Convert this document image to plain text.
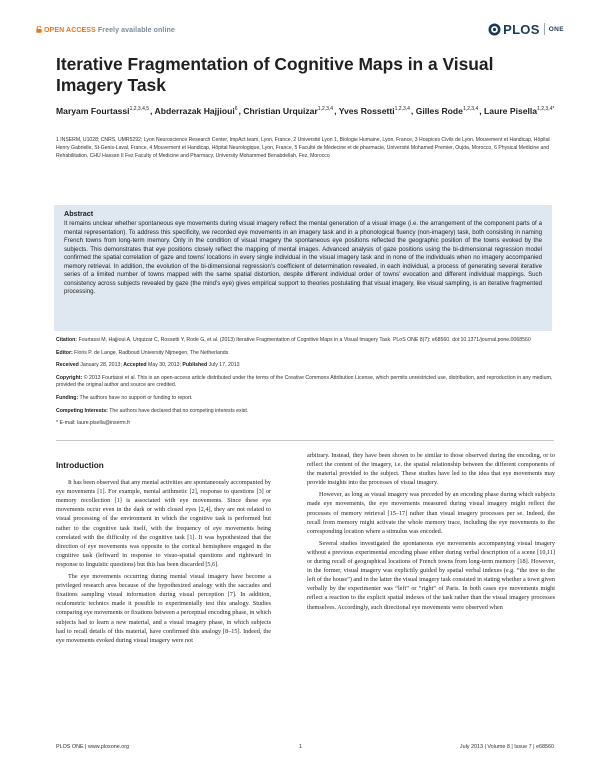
OPEN ACCESS Freely available online	PLOS ONE
Iterative Fragmentation of Cognitive Maps in a Visual Imagery Task
Maryam Fourtassi$^{1,2,3,4,5}$, Abderrazak Hajjioui$^6$, Christian Urquizar$^{1,2,3,4}$, Yves Rossetti$^{1,2,3,4}$, Gilles Rode$^{1,2,3,4}$, Laure Pisella$^{1,2,3,4*}$
1 INSERM, U1028; CNRS, UMR5292; Lyon Neuroscience Research Center, ImpAct team, Lyon, France, 2 Université Lyon 1, Biologie Humaine, Lyon, France, 3 Hospices Civils de Lyon, Mouvement et Handicap, Hôpital Henry Gabrielle, St-Genis-Laval, France, 4 Mouvement et Handicap, Hôpital Neurologique, Lyon, France, 5 Faculté de Médecine et de pharmacie, Université Mohamed Premier, Oujda, Morocco, 6 Physical Medicine and Rehabilitation, CHU Hassan II Fez Faculty of Medicine and Pharmacy, University Mohammed Benabdellah, Fez, Morocco
Abstract

It remains unclear whether spontaneous eye movements during visual imagery reflect the mental generation of a visual image (i.e. the arrangement of the component parts of a mental representation). To address this specificity, we recorded eye movements in an imagery task and in a phonological fluency (non-imagery) task, both consisting in naming French towns from long-term memory. Only in the condition of visual imagery the spontaneous eye positions reflected the geographic position of the towns evoked by the subjects. This demonstrates that eye positions closely reflect the mapping of mental images. Advanced analysis of gaze positions using the bi-dimensional regression model confirmed the spatial correlation of gaze and towns’ locations in every single individual in the visual imagery task and in none of the individuals when no imagery accompanied memory retrieval. In addition, the evolution of the bi-dimensional regression’s coefficient of determination revealed, in each individual, a process of generating several iterative series of a limited number of towns mapped with the same spatial distortion, despite different individual order of towns’ evocation and different individual mappings. Such consistency across subjects revealed by gaze (the mind’s eye) gives empirical support to theories postulating that visual imagery, like visual sampling, is an iterative fragmented processing.

Citation: Fourtassi M, Hajjioui A, Urquizar C, Rossetti Y, Rode G, et al. (2013) Iterative Fragmentation of Cognitive Maps in a Visual Imagery Task. PLoS ONE 8(7): e68560. doi:10.1371/journal.pone.0068560
Editor: Floris P. de Lange, Radboud University Nijmegen, The Netherlands
Received January 28, 2013; Accepted May 30, 2013; Published July 17, 2013
Copyright: © 2013 Fourtassi et al. This is an open-access article distributed under the terms of the Creative Commons Attribution License, which permits unrestricted use, distribution, and reproduction in any medium, provided the original author and source are credited.
Funding: The authors have no support or funding to report.
Competing Interests: The authors have declared that no competing interests exist.
* E-mail: laure.pisella@inserm.fr
Introduction

It has been observed that any mental activities are spontaneously accompanied by eye movements [1]. For example, mental arithmetic [2], response to questions [3] or memory recollection [1] is associated with eye movements. Since these eye movements occur even in the dark or with closed eyes [2,4], they are not related to visual processing of the environment in which the cognitive task is performed but rather to the cognitive task itself, with the frequency of eye movements being correlated with the difficulty of the cognitive task [1]. It was hypothesized that the direction of eye movements was opposite to the cortical hemisphere engaged in the cognitive task (leftward in response to visuo-spatial questions and rightward in response to linguistic questions) but this has been discarded [5,6].

The eye movements occurring during mental visual imagery have become a privileged research area because of the hypothesized analogy with the saccades and fixations sampling visual information during visual perception [7]. In addition, oculometric technics made it possible to experimentally test this analogy. Studies comparing eye movements or fixations between a perceptual encoding phase, in which subjects had to learn a new material, and a visual imagery phase, in which subjects had to recall details of this material, have confirmed this analogy [8–15]. Indeed, the eye movements evoked during visual imagery were not

arbitrary. Instead, they have been shown to be similar to those observed during the encoding, or to reflect the content of the imagery, i.e. the spatial relationship between the different components of the material provided to the subject. These studies have led to the idea that eye movements may provide insights into the processes of visual imagery.

However, as long as visual imagery was preceded by an encoding phase during which subjects made eye movements, the eye movements measured during visual imagery might reflect the processes of memory retrieval [15–17] rather than visual imagery processes per se. Indeed, the recall from memory might activate the whole memory trace, including the eye movements to the corresponding location where a stimulus was encoded.

Several studies investigated the spontaneous eye movements accompanying visual imagery without a previous experimental encoding phase either during verbal description of a scene [10,11] or during recall of geographical locations of French towns from long-term memory [18]. However, in the former, visual imagery was explicitly guided by spatial verbal indexes (e.g. “the tree to the left of the house”) and in the latter the visual imagery task consisted in stating whether a town given verbally by the experimenter was “left” or “right” of Paris. In both cases eye movements might reflect a reaction to the explicit spatial indexes of the task rather than the visual imagery processes themselves. Accordingly, such directional eye movements were observed when

PLOS ONE | www.plosone.org	1	July 2013 | Volume 8 | Issue 7 | e68560
